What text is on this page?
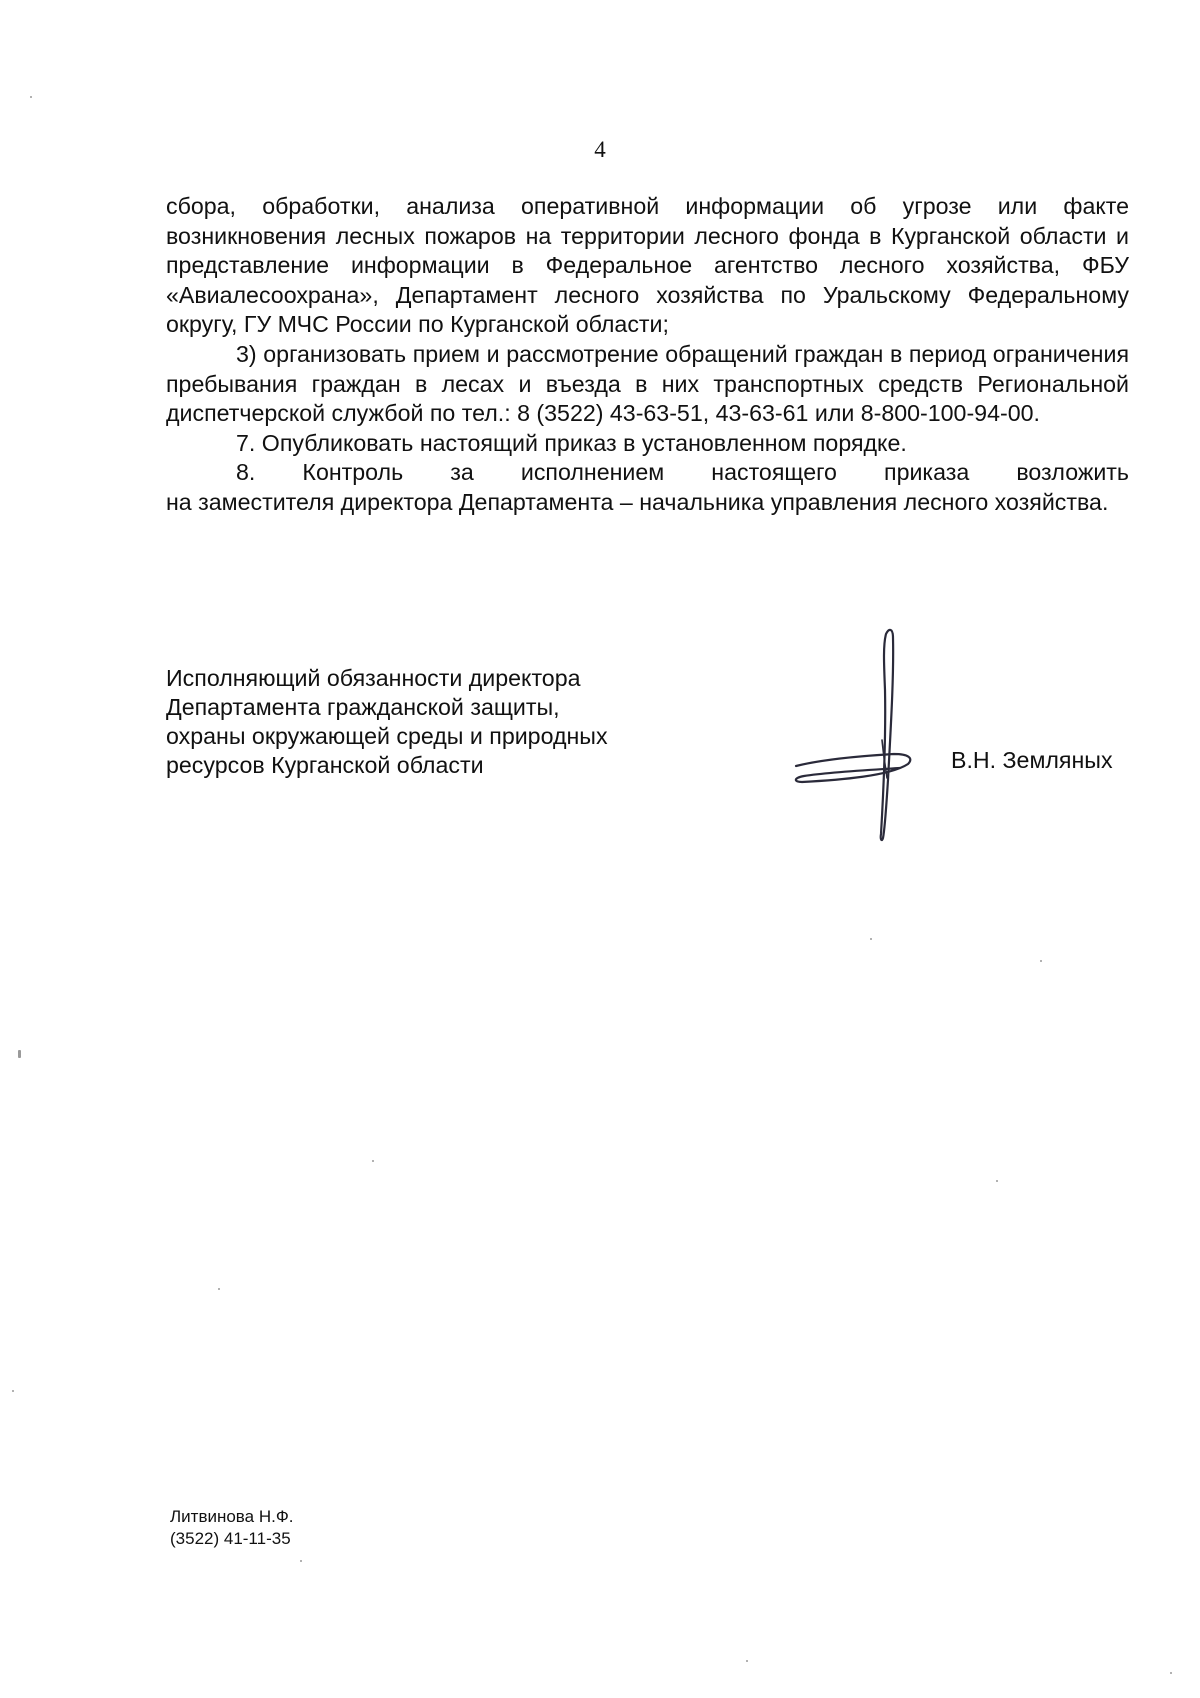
4

сбора, обработки, анализа оперативной информации об угрозе или факте возникновения лесных пожаров на территории лесного фонда в Курганской области и представление информации в Федеральное агентство лесного хозяйства, ФБУ «Авиалесоохрана», Департамент лесного хозяйства по Уральскому Федеральному округу, ГУ МЧС России по Курганской области;

3) организовать прием и рассмотрение обращений граждан в период ограничения пребывания граждан в лесах и въезда в них транспортных средств Региональной диспетчерской службой по тел.: 8 (3522) 43-63-51, 43-63-61 или 8-800-100-94-00.

7. Опубликовать настоящий приказ в установленном порядке.

8. Контроль за исполнением настоящего приказа возложить

на заместителя директора Департамента – начальника управления лесного хозяйства.

Исполняющий обязанности директора
Департамента гражданской защиты,
охраны окружающей среды и природных
ресурсов Курганской области	В.Н. Земляных
Литвинова Н.Ф.
(3522) 41-11-35
